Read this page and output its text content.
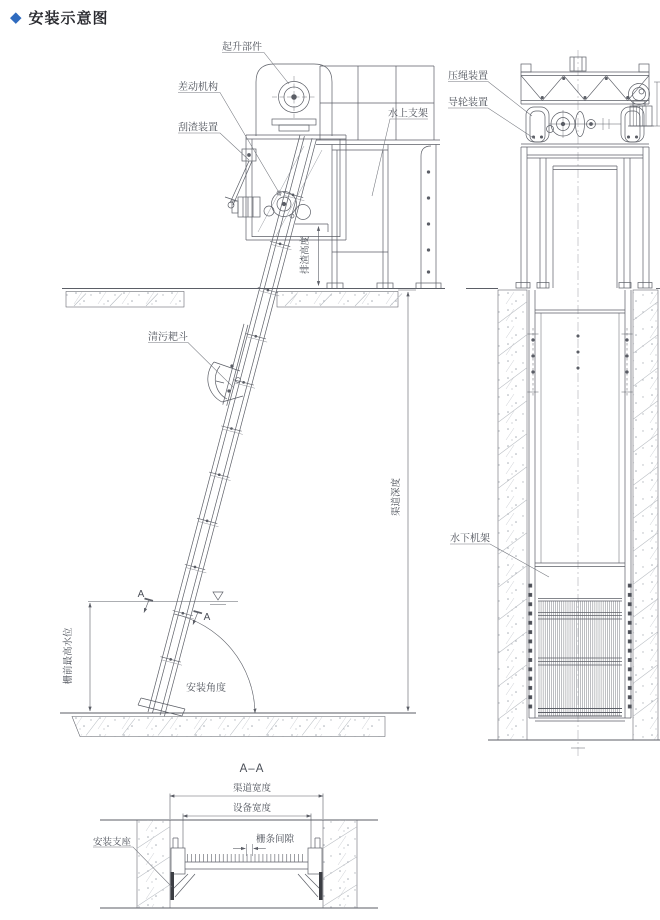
◆ 安装示意图
起升部件
差动机构
刮渣装置
水上支架
清污耙斗
安装角度
排渣高度
栅前最高水位
渠道深度
A
A
压绳装置
导轮装置
水下机架
A–A
渠道宽度
设备宽度
栅条间隙
安装支座
